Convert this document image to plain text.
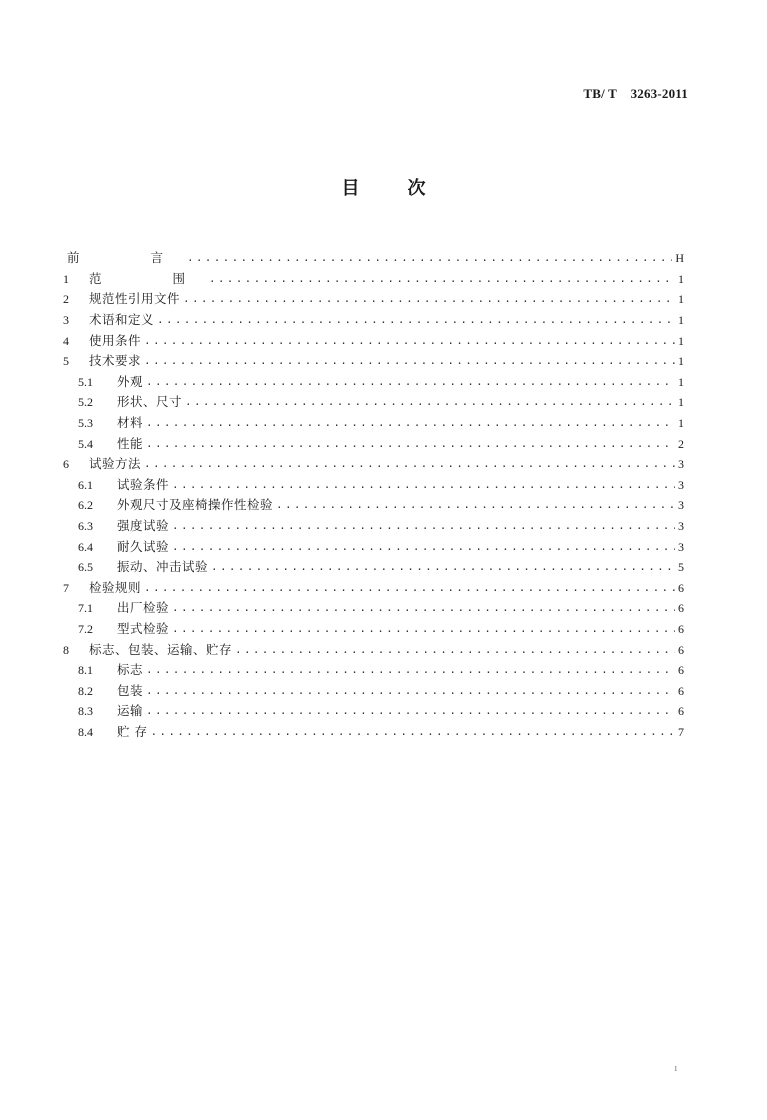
TB/ T    3263-2011
目	次
前  言 .....	H
1	范  围 .....	1
2	规范性引用文件 .....	1
3	术语和定义 .....	1
4	使用条件 .....	1
5	技术要求 .....	1
5.1	外观 .....	1
5.2	形状、尺寸 .....	1
5.3	材料 .....	1
5.4	性能 .....	2
6	试验方法 .....	3
6.1	试验条件 .....	3
6.2	外观尺寸及座椅操作性检验 .....	3
6.3	强度试验 .....	3
6.4	耐久试验 .....	3
6.5	振动、冲击试验 .....	5
7	检验规则 .....	6
7.1	出厂检验 .....	6
7.2	型式检验 .....	6
8	标志、包装、运输、贮存 .....	6
8.1	标志 .....	6
8.2	包装 .....	6
8.3	运输 .....	6
8.4	贮 存 .....	7
1
